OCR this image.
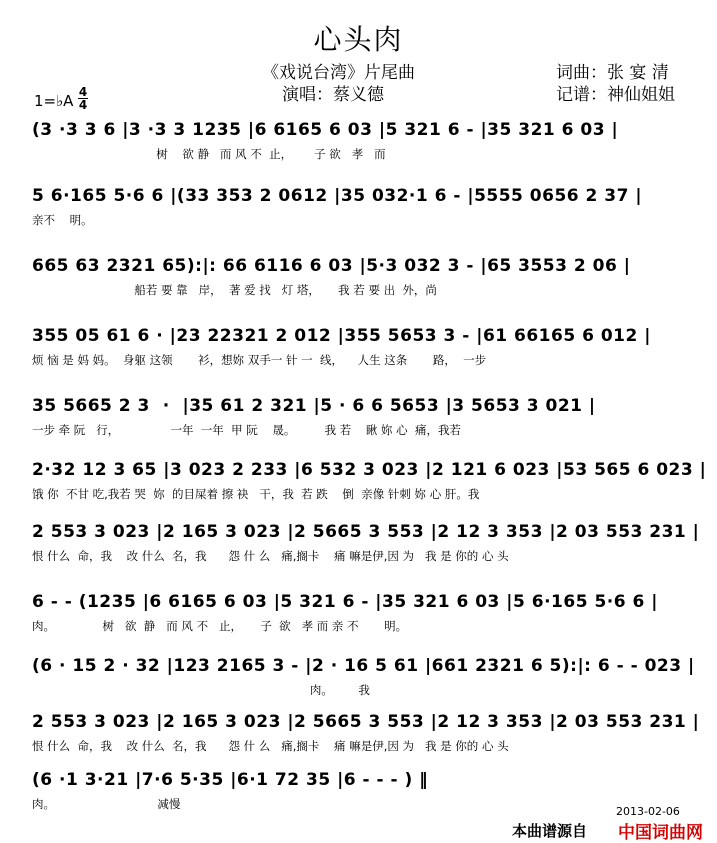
心头肉
《戏说台湾》片尾曲
演唱：蔡义德
词曲：张 宴 清
记谱：神仙姐姐
1=♭A 4
4
(3 ·3 3 6 |3 ·3 3 1235 |6 6165 6 03 |5 321 6 - |35 321 6 03 |
树    欲 静   而 风 不  止，      子 欲   孝   而
5 6·165 5·6 6 |(33 353 2 0612 |35 032·1 6 - |5555 0656 2 37 |
亲不    明。
665 63 2321 65):|: 66 6116 6 03 |5·3 032 3 - |65 3553 2 06 |
船若 要 靠   岸，  著 爱 找   灯 塔，     我 若 要 出  外，尚
355 05 61 6 · |23 22321 2 012 |355 5653 3 - |61 66165 6 012 |
烦 恼 是 妈 妈。  身躯 这领       衫，想妳 双手一 针 一  线，    人生 这条       路，  一步
35 5665 2 3  ·  |35 61 2 321 |5 · 6 6 5653 |3 5653 3 021 |
一步 牵 阮   行，              一年  一年  甲 阮    晟。        我 若    瞅 妳 心  痛，我若
2·32 12 3 65 |3 023 2 233 |6 532 3 023 |2 121 6 023 |53 565 6 023 |
饿 你  不甘 吃,我若 哭  妳  的目屎着 擦 袂   干，我  若 跌    倒  亲像 针刺 妳 心 肝。我
2 553 3 023 |2 165 3 023 |2 5665 3 553 |2 12 3 353 |2 03 553 231 |
恨 什么  命，我    改 什么  名，我      怨 什 么   痛,搁卡    痛 嘛是伊,因 为   我 是 你的 心 头
6 - - (1235 |6 6165 6 03 |5 321 6 - |35 321 6 03 |5 6·165 5·6 6 |
肉。             树   欲  静   而 风 不   止，     子  欲   孝 而 亲 不       明。
(6 · 15 2 · 32 |123 2165 3 - |2 · 16 5 61 |661 2321 6 5):|: 6 - - 023 |
肉。       我
2 553 3 023 |2 165 3 023 |2 5665 3 553 |2 12 3 353 |2 03 553 231 |
恨 什么  命，我    改 什么  名，我      怨 什 么   痛,搁卡    痛 嘛是伊,因 为   我 是 你的 心 头
(6 ·1 3·21 |7·6 5·35 |6·1 72 35 |6 - - - ) ‖
肉。                            减慢
2013-02-06
本曲谱源自 中国词曲网
